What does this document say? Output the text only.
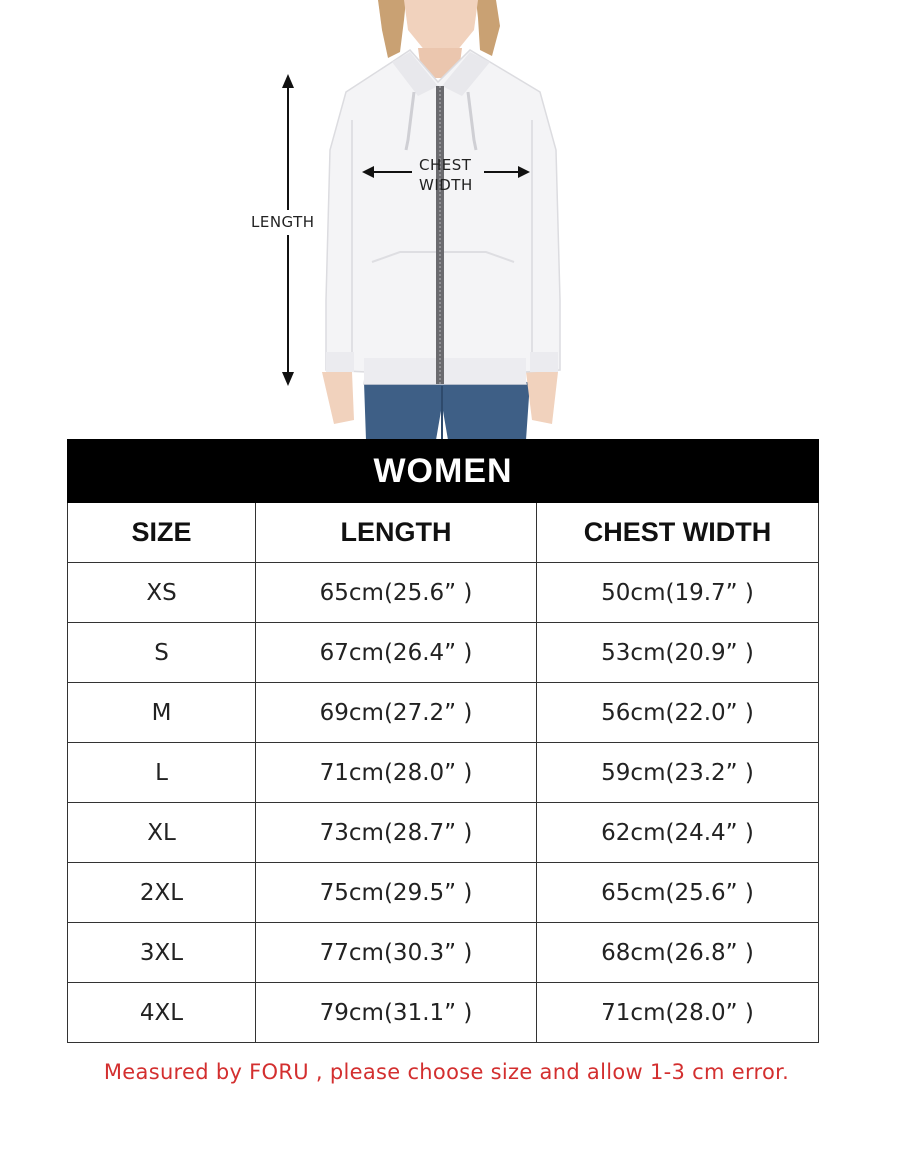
LENGTH
CHEST
WIDTH
WOMEN		
SIZE	LENGTH	CHEST WIDTH
XS	65cm(25.6” )	50cm(19.7” )
S	67cm(26.4” )	53cm(20.9” )
M	69cm(27.2” )	56cm(22.0” )
L	71cm(28.0” )	59cm(23.2” )
XL	73cm(28.7” )	62cm(24.4” )
2XL	75cm(29.5” )	65cm(25.6” )
3XL	77cm(30.3” )	68cm(26.8” )
4XL	79cm(31.1” )	71cm(28.0” )
Measured by FORU , please choose size and allow 1-3 cm error.
